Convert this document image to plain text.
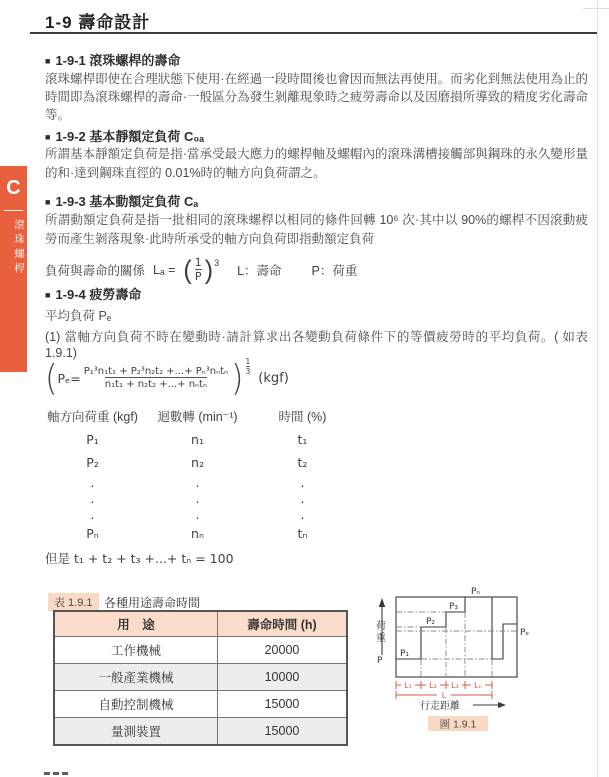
1-9 壽命設計
C
滾珠螺桿
■ 1-9-1 滾珠螺桿的壽命
滾珠螺桿即使在合理狀態下使用·在經過一段時間後也會因而無法再使用。而劣化到無法使用為止的時間即為滾珠螺桿的壽命·一般區分為發生剝離現象時之疲勞壽命以及因磨損所導致的精度劣化壽命等。
■ 1-9-2 基本靜額定負荷 C₀ₐ
所謂基本靜額定負荷是指·當承受最大應力的螺桿軸及螺帽內的滾珠溝槽接觸部與鋼珠的永久變形量的和·達到鋼珠直徑的 0.01%時的軸方向負荷謂之。
■ 1-9-3 基本動額定負荷 Cₐ
所謂動額定負荷是指一批相同的滾珠螺桿以相同的條件回轉 10⁶ 次·其中以 90%的螺桿不因滾動疲勞而產生剝落現象·此時所承受的軸方向負荷即指動額定負荷
負荷與壽命的關係 Lₐ = ( $\frac{1}{P}$ ) 3
L：壽命 P：荷重
■ 1-9-4 疲勞壽命
平均負荷 Pₑ
(1) 當軸方向負荷不時在變動時·請計算求出各變動負荷條件下的等價疲勞時的平均負荷。( 如表 1.9.1)
( $P_e= \frac{\text{P₁³n₁t₁ + P₂³n₂t₂ +...+ Pₙ³nₙtₙ}}{\text{n₁t₁ + n₂t₂ +...+ nₙtₙ}}$ ) $\frac{1}{3}$
(kgf)
軸方向荷重 (kgf)	迴數轉 (min⁻¹)	時間 (%)
P₁	n₁	t₁
P₂	n₂	t₂
.	.	.
.	.	.
.	.	.
Pₙ	nₙ	tₙ
但是 t₁ + t₂ + t₃ +...+ tₙ = 100
表 1.9.1 各種用途壽命時間
用　途	壽命時間 (h)
工作機械	20000
一般產業機械	10000
自動控制機械	15000
量測裝置	15000
荷
重
P
P₁
P₂
P₃
Pₙ
Pₑ
L₁ L₂ L₃ Lₙ
L
行走距離
圖 1.9.1
